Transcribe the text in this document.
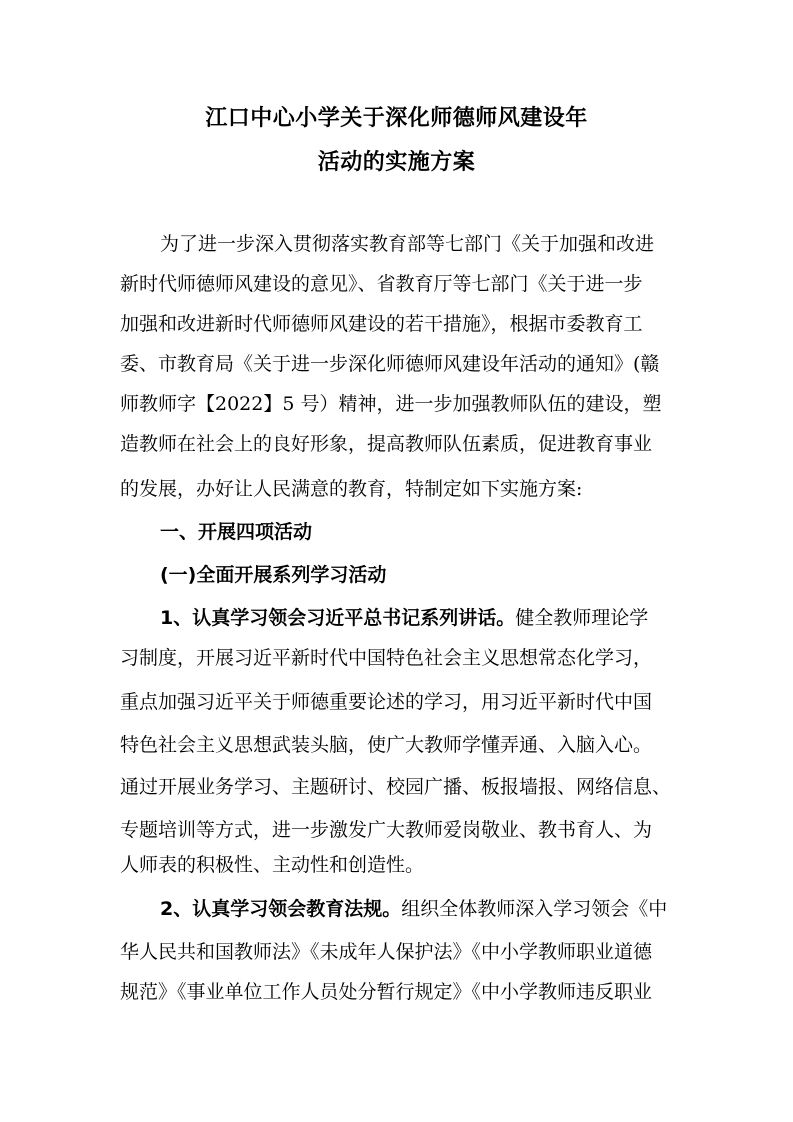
江口中心小学关于深化师德师风建设年
活动的实施方案
为了进一步深入贯彻落实教育部等七部门《关于加强和改进
新时代师德师风建设的意见》、省教育厅等七部门《关于进一步
加强和改进新时代师德师风建设的若干措施》，根据市委教育工
委、市教育局《关于进一步深化师德师风建设年活动的通知》(赣
师教师字【2022】5 号）精神，进一步加强教师队伍的建设，塑
造教师在社会上的良好形象，提高教师队伍素质，促进教育事业
的发展，办好让人民满意的教育，特制定如下实施方案:
一、开展四项活动
(一)全面开展系列学习活动
1、认真学习领会习近平总书记系列讲话。健全教师理论学
习制度，开展习近平新时代中国特色社会主义思想常态化学习，
重点加强习近平关于师德重要论述的学习，用习近平新时代中国
特色社会主义思想武装头脑，使广大教师学懂弄通、入脑入心。
通过开展业务学习、主题研讨、校园广播、板报墙报、网络信息、
专题培训等方式，进一步激发广大教师爱岗敬业、教书育人、为
人师表的积极性、主动性和创造性。
2、认真学习领会教育法规。组织全体教师深入学习领会《中
华人民共和国教师法》《未成年人保护法》《中小学教师职业道德
规范》《事业单位工作人员处分暂行规定》《中小学教师违反职业
